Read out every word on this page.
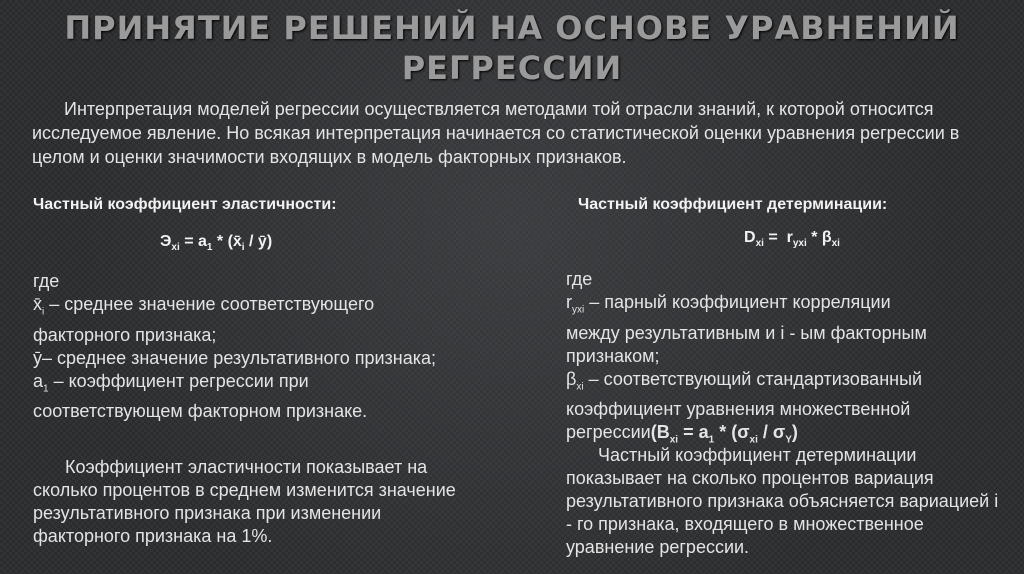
ПРИНЯТИЕ РЕШЕНИЙ НА ОСНОВЕ УРАВНЕНИЙ
РЕГРЕССИИ

Интерпретация моделей регрессии осуществляется методами той отрасли знаний, к которой относится исследуемое явление. Но всякая интерпретация начинается со статистической оценки уравнения регрессии в целом и оценки значимости входящих в модель факторных признаков.

Частный коэффициент эластичности:
$Э_{xi} = а_1$ * ($x̄_i$ / ȳ)
где
$x̄_i$ – среднее значение соответствующего
факторного признака;
ȳ– среднее значение результативного признака;
$а_1$ – коэффициент регрессии при
соответствующем факторном признаке.

Коэффициент эластичности показывает на сколько процентов в среднем изменится значение результативного признака при изменении факторного признака на 1%.

Частный коэффициент детерминации:
$D_{xi} = r_{yxi} * \beta_{xi}$
где
$r_{yxi}$ – парный коэффициент корреляции
между результативным и i - ым факторным
признаком;
$\beta_{xi}$ – соответствующий стандартизованный
коэффициент уравнения множественной
$регрессии(B_{xi} = а_1 * (\sigma_{xi} / \sigma_Y)$

Частный коэффициент детерминации показывает на сколько процентов вариация результативного признака объясняется вариацией i - го признака, входящего в множественное уравнение регрессии.
